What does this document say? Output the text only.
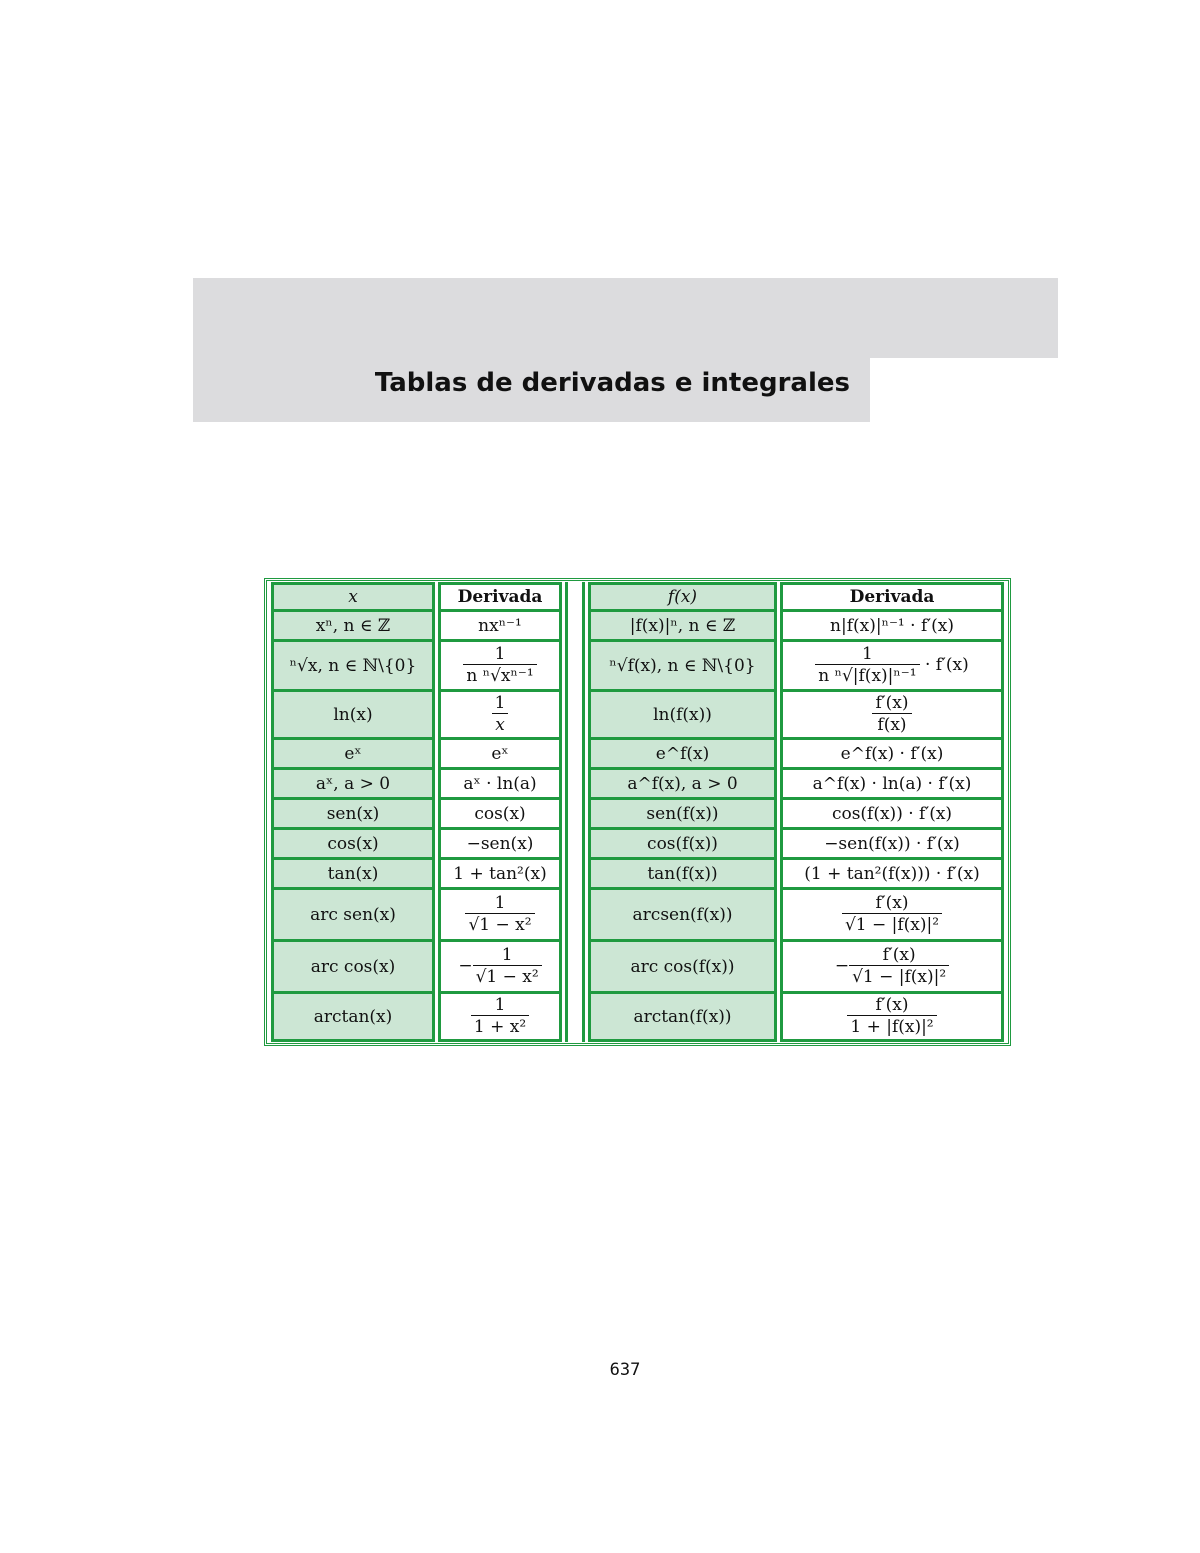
Tablas de derivadas e integrales
x	Derivada		f(x)	Derivada
xⁿ, n ∈ ℤ	nxⁿ⁻¹		|f(x)|ⁿ, n ∈ ℤ	n|f(x)|ⁿ⁻¹ · f′(x)
ⁿ√x, n ∈ ℕ\{0}	$\frac{1}{\text{n ⁿ√xⁿ⁻¹}}$		ⁿ√f(x), n ∈ ℕ\{0}	$\frac{1}{\text{n ⁿ√|f(x)|ⁿ⁻¹}} \cdot f'(x)$
ln(x)	$\frac{1}{x}$		ln(f(x))	$\frac{f'(x)}{f(x)}$

eˣ	eˣ		e^f(x)	e^f(x) · f′(x)
aˣ, a > 0	aˣ · ln(a)		a^f(x), a > 0	a^f(x) · ln(a) · f′(x)
sen(x)	cos(x)		sen(f(x))	cos(f(x)) · f′(x)
cos(x)	−sen(x)		cos(f(x))	−sen(f(x)) · f′(x)
tan(x)	1 + tan²(x)		tan(f(x))	(1 + tan²(f(x))) · f′(x)
arc sen(x)	$\frac{1}{\text{√1 − x²}}$		arcsen(f(x))	$\frac{f'(x)}{\text{√1 − |f(x)|²}}$

arc cos(x)	− $\frac{1}{\text{√1 − x²}}$		arc cos(f(x))	− $\frac{f'(x)}{\text{√1 − |f(x)|²}}$

arctan(x)	$\frac{1}{\text{1 + x²}}$		arctan(f(x))	$\frac{f'(x)}{\text{1 + |f(x)|²}}$
637
